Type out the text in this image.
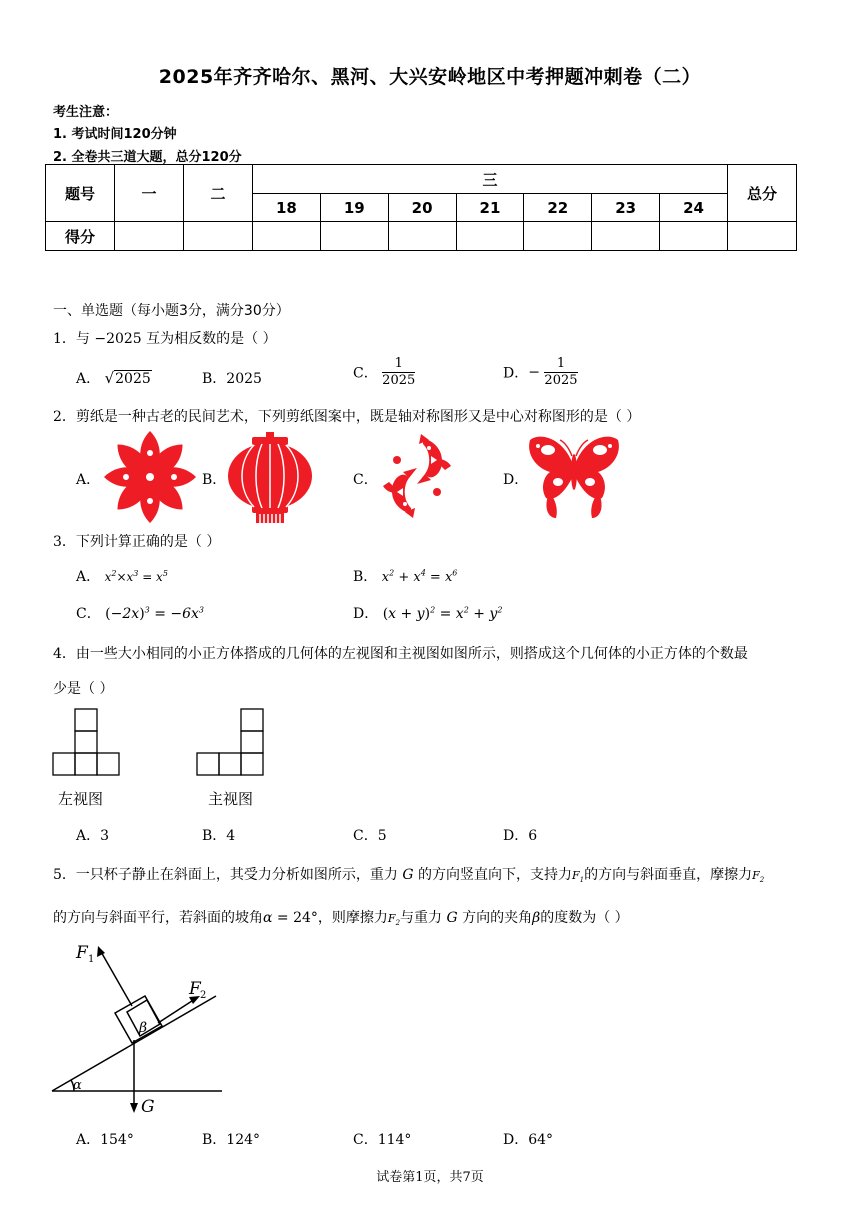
2025年齐齐哈尔、黑河、大兴安岭地区中考押题冲刺卷（二）
考生注意：
1. 考试时间120分钟
2. 全卷共三道大题，总分120分
题号	一	二	三							总分
			18	19	20	21	22	23	24	
得分										
一、单选题（每小题3分，满分30分）
1．与 −2025 互为相反数的是（ ）
A． √2025	B．2025	C． $\frac{1}{2025}$	D．− $\frac{1}{2025}$
2．剪纸是一种古老的民间艺术，下列剪纸图案中，既是轴对称图形又是中心对称图形的是（ ）
A．	B．	C．	D．
3．下列计算正确的是（ ）
A． $x^2\times x^3 = x^5$	B． $x^2 + x^4 = x^6$
C． $(-2x)^3 = -6x^3$	D． $(x + y)^2 = x^2 + y^2$
4．由一些大小相同的小正方体搭成的几何体的左视图和主视图如图所示，则搭成这个几何体的小正方体的个数最
少是（ ）
左视图	主视图
A．3	B．4	C．5	D．6
5．一只杯子静止在斜面上，其受力分析如图所示，重力 G 的方向竖直向下，支持力$F_1$的方向与斜面垂直，摩擦力$F_2$
的方向与斜面平行，若斜面的坡角α = 24°，则摩擦力$F_2$与重力 G 方向的夹角β的度数为（ ）
F 1
F 2
G
α
β
A．154°	B．124°	C．114°	D．64°
试卷第1页，共7页
